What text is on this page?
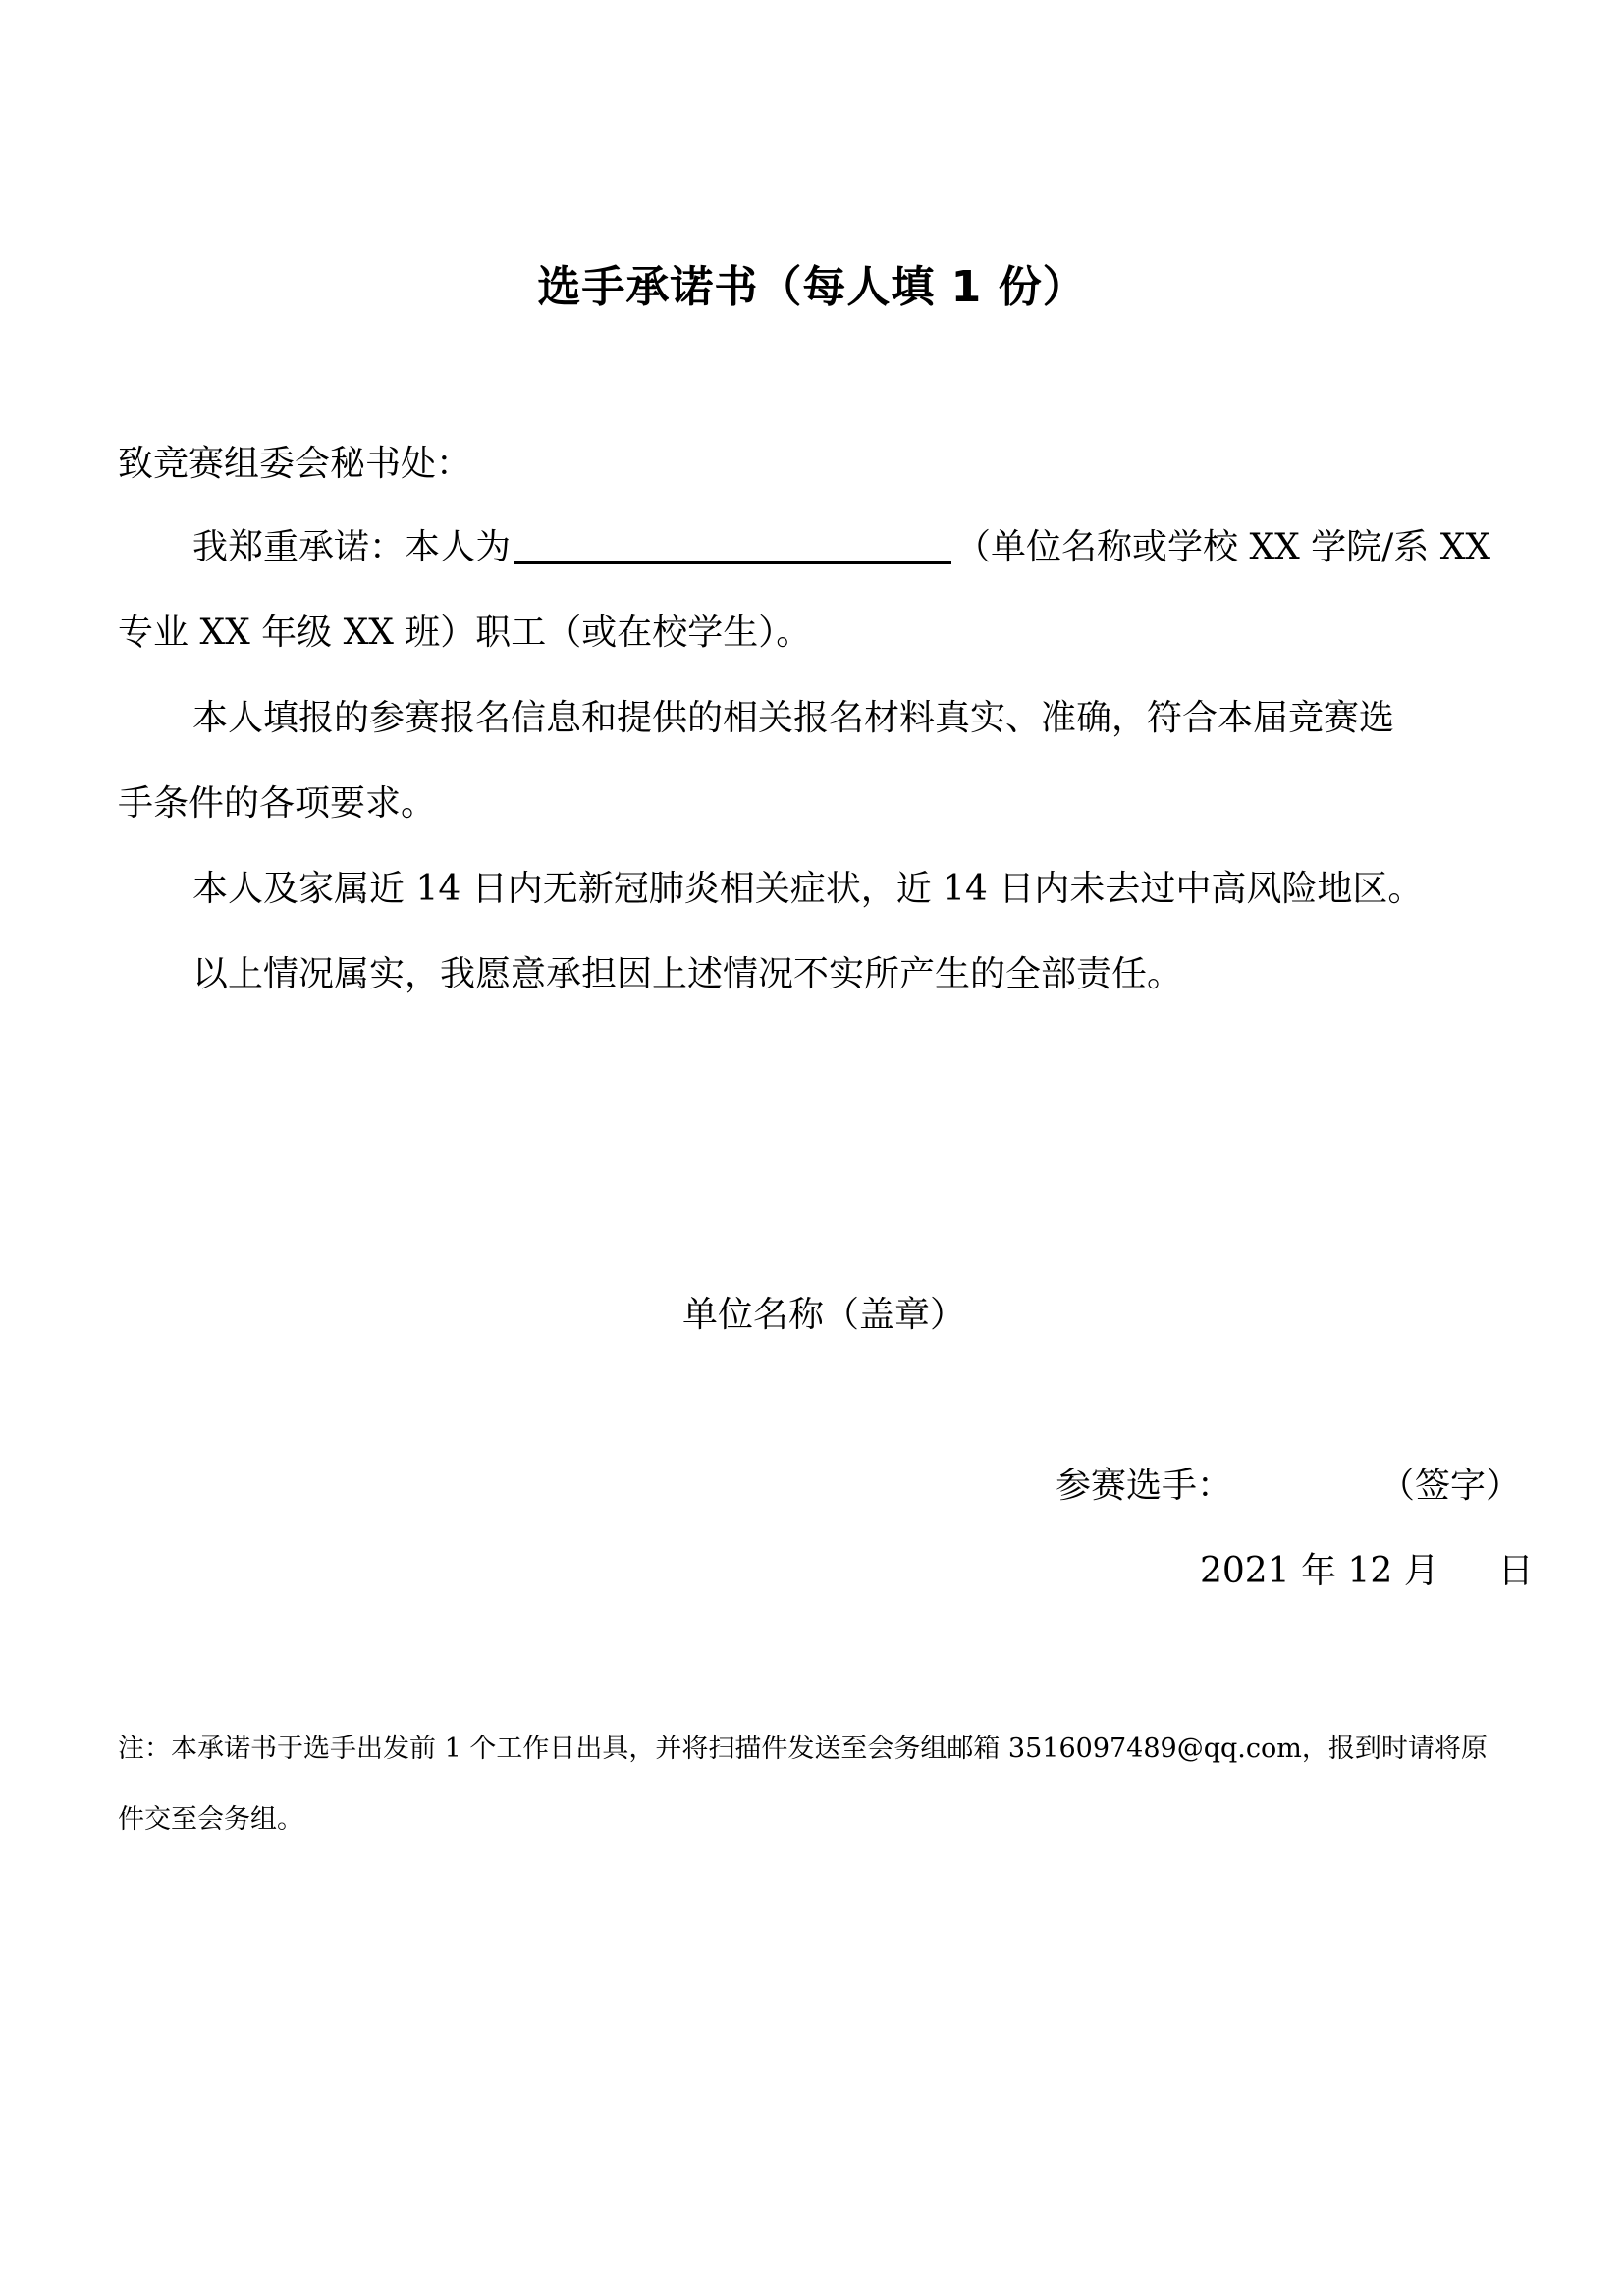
选手承诺书（每人填 1 份）
致竞赛组委会秘书处：
我郑重承诺：本人为	（单位名称或学校 XX 学院/系 XX
专业 XX 年级 XX 班）职工（或在校学生）。
本人填报的参赛报名信息和提供的相关报名材料真实、准确，符合本届竞赛选
手条件的各项要求。
本人及家属近 14 日内无新冠肺炎相关症状，近 14 日内未去过中高风险地区。
以上情况属实，我愿意承担因上述情况不实所产生的全部责任。
单位名称（盖章）
参赛选手：	（签字）
2021 年 12 月 日
注：本承诺书于选手出发前 1 个工作日出具，并将扫描件发送至会务组邮箱 3516097489@qq.com，报到时请将原
件交至会务组。
